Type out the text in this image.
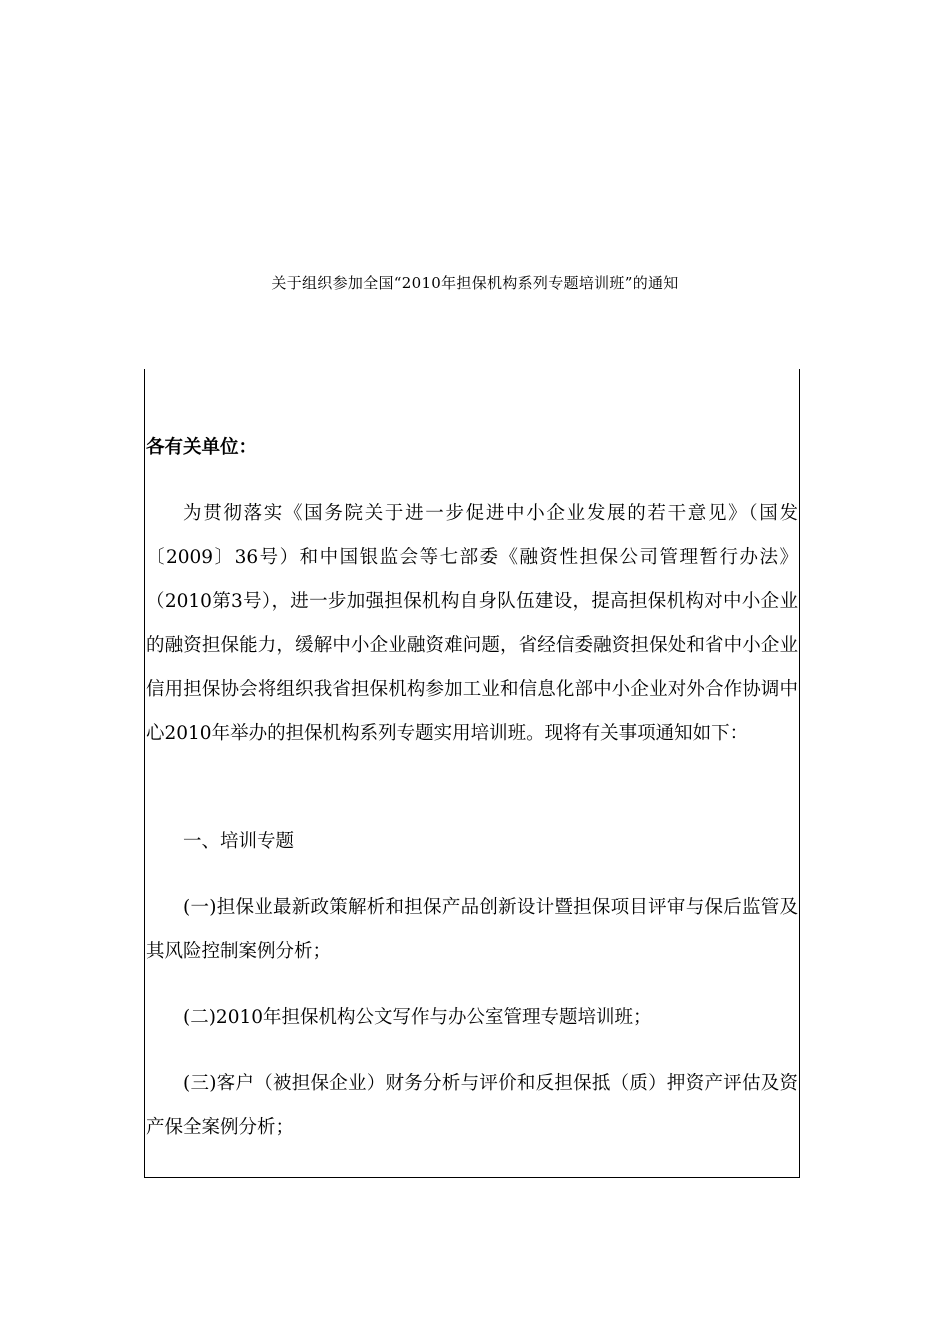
关于组织参加全国“2010年担保机构系列专题培训班”的通知

各有关单位：

为贯彻落实《国务院关于进一步促进中小企业发展的若干意见》（国发〔2009〕36号）和中国银监会等七部委《融资性担保公司管理暂行办法》（2010第3号），进一步加强担保机构自身队伍建设，提高担保机构对中小企业的融资担保能力，缓解中小企业融资难问题，省经信委融资担保处和省中小企业信用担保协会将组织我省担保机构参加工业和信息化部中小企业对外合作协调中心2010年举办的担保机构系列专题实用培训班。现将有关事项通知如下：

一、培训专题

(一)担保业最新政策解析和担保产品创新设计暨担保项目评审与保后监管及其风险控制案例分析；

(二)2010年担保机构公文写作与办公室管理专题培训班；

(三)客户（被担保企业）财务分析与评价和反担保抵（质）押资产评估及资产保全案例分析；
